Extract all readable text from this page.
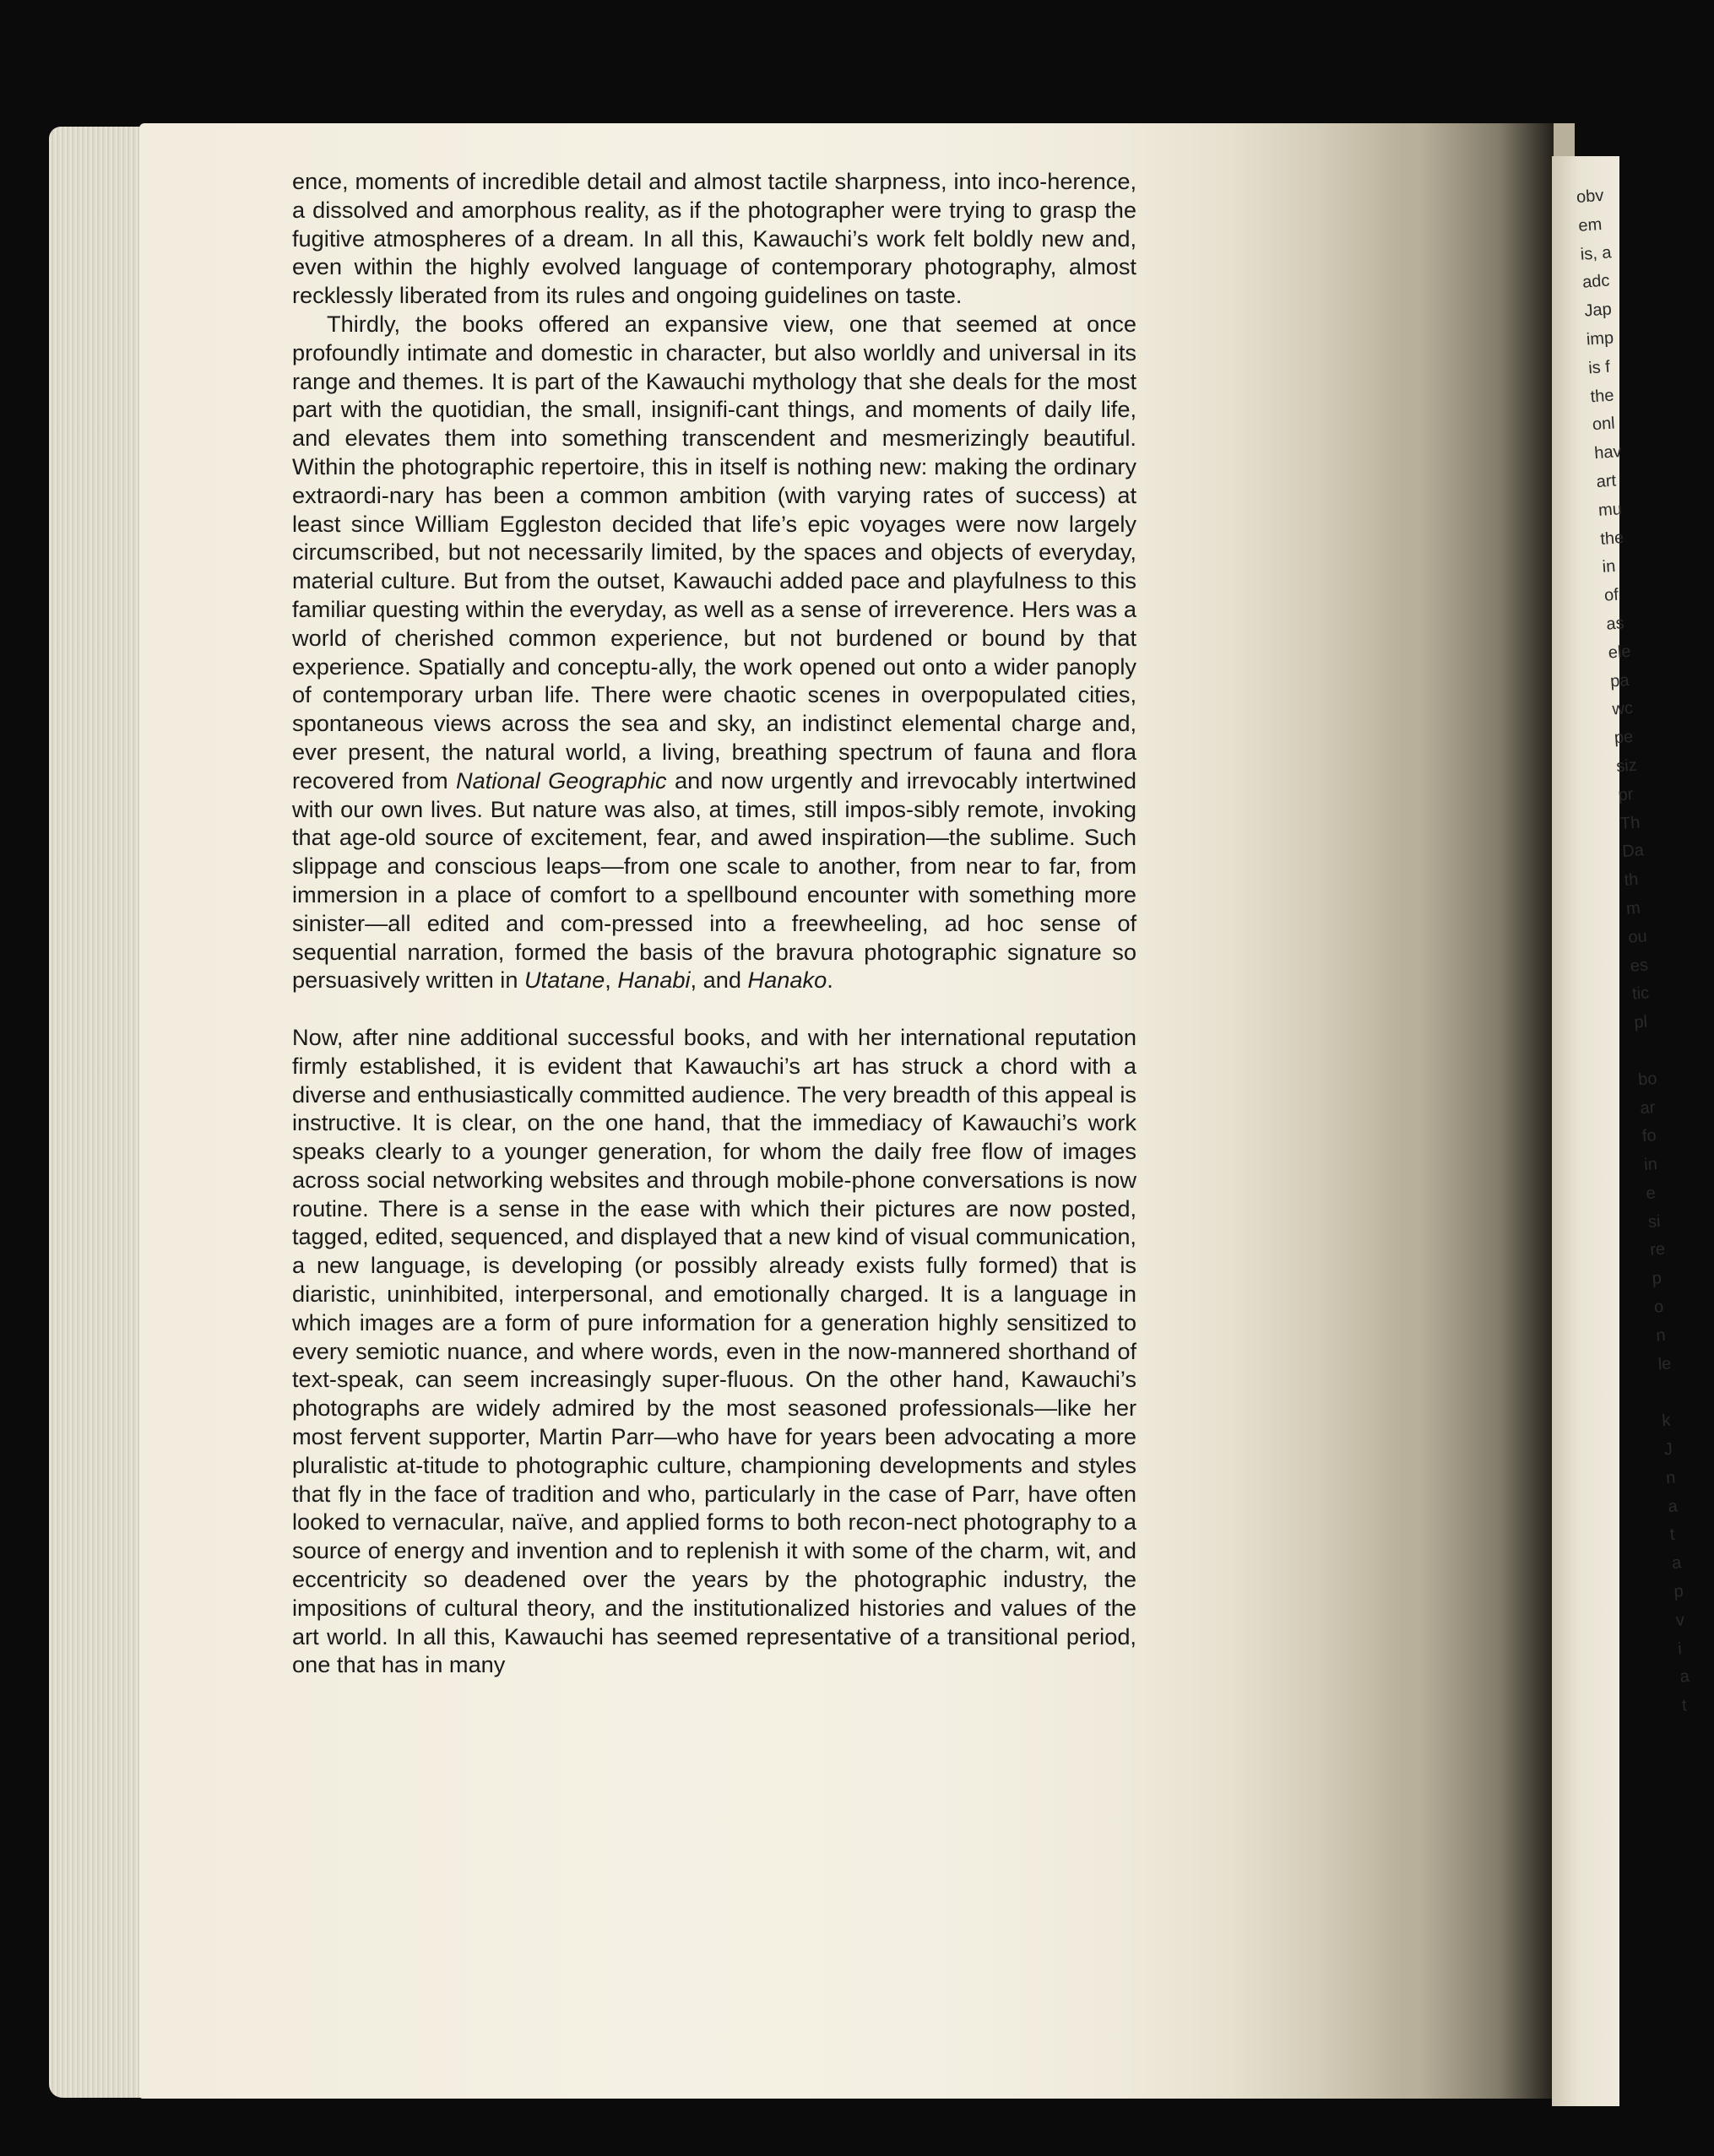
ence, moments of incredible detail and almost tactile sharpness, into inco-herence, a dissolved and amorphous reality, as if the photographer were trying to grasp the fugitive atmospheres of a dream. In all this, Kawauchi’s work felt boldly new and, even within the highly evolved language of contemporary photography, almost recklessly liberated from its rules and ongoing guidelines on taste.

Thirdly, the books offered an expansive view, one that seemed at once profoundly intimate and domestic in character, but also worldly and universal in its range and themes. It is part of the Kawauchi mythology that she deals for the most part with the quotidian, the small, insignifi-cant things, and moments of daily life, and elevates them into something transcendent and mesmerizingly beautiful. Within the photographic repertoire, this in itself is nothing new: making the ordinary extraordi-nary has been a common ambition (with varying rates of success) at least since William Eggleston decided that life’s epic voyages were now largely circumscribed, but not necessarily limited, by the spaces and objects of everyday, material culture. But from the outset, Kawauchi added pace and playfulness to this familiar questing within the everyday, as well as a sense of irreverence. Hers was a world of cherished common experience, but not burdened or bound by that experience. Spatially and conceptu-ally, the work opened out onto a wider panoply of contemporary urban life. There were chaotic scenes in overpopulated cities, spontaneous views across the sea and sky, an indistinct elemental charge and, ever present, the natural world, a living, breathing spectrum of fauna and flora recovered from National Geographic and now urgently and irrevocably intertwined with our own lives. But nature was also, at times, still impos-sibly remote, invoking that age-old source of excitement, fear, and awed inspiration—the sublime. Such slippage and conscious leaps—from one scale to another, from near to far, from immersion in a place of comfort to a spellbound encounter with something more sinister—all edited and com-pressed into a freewheeling, ad hoc sense of sequential narration, formed the basis of the bravura photographic signature so persuasively written in Utatane, Hanabi, and Hanako.

Now, after nine additional successful books, and with her international reputation firmly established, it is evident that Kawauchi’s art has struck a chord with a diverse and enthusiastically committed audience. The very breadth of this appeal is instructive. It is clear, on the one hand, that the immediacy of Kawauchi’s work speaks clearly to a younger generation, for whom the daily free flow of images across social networking websites and through mobile-phone conversations is now routine. There is a sense in the ease with which their pictures are now posted, tagged, edited, sequenced, and displayed that a new kind of visual communication, a new language, is developing (or possibly already exists fully formed) that is diaristic, uninhibited, interpersonal, and emotionally charged. It is a language in which images are a form of pure information for a generation highly sensitized to every semiotic nuance, and where words, even in the now-mannered shorthand of text-speak, can seem increasingly super-fluous. On the other hand, Kawauchi’s photographs are widely admired by the most seasoned professionals—like her most fervent supporter, Martin Parr—who have for years been advocating a more pluralistic at-titude to photographic culture, championing developments and styles that fly in the face of tradition and who, particularly in the case of Parr, have often looked to vernacular, naïve, and applied forms to both recon-nect photography to a source of energy and invention and to replenish it with some of the charm, wit, and eccentricity so deadened over the years by the photographic industry, the impositions of cultural theory, and the institutionalized histories and values of the art world. In all this, Kawauchi has seemed representative of a transitional period, one that has in many

obv
em
is, a
adc
Jap
imp
is f
the
onl
hav
art
mu
the
in
of
as
ele
pa
wc
pe
siz
pr
Th
Da
th
m
ou
es
tic
pl
bo
ar
fo
in
e
si
re
p
o
n
le
k
J
n
a
t
a
p
v
i
a
t
